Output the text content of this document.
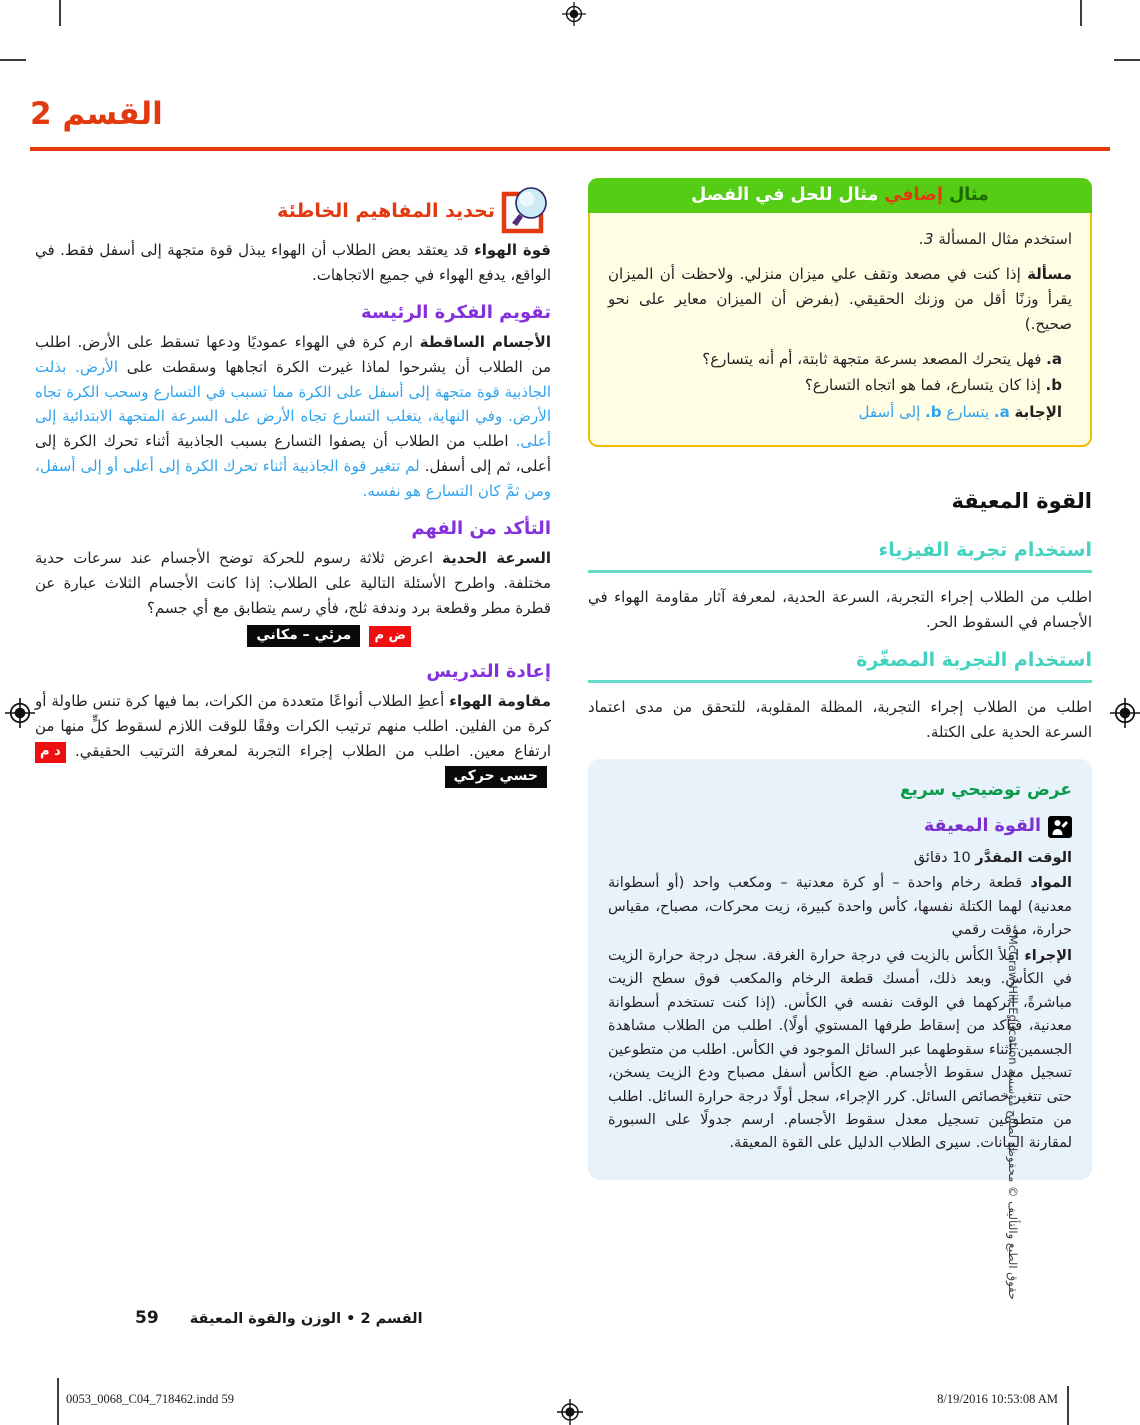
القسم 2
مثال إضافي مثال للحل في الفصل

استخدم مثال المسألة 3.

مسألة إذا كنت في مصعد وتقف علي ميزان منزلي. ولاحظت أن الميزان يقرأ وزنًا أقل من وزنك الحقيقي. (بفرض أن الميزان معاير على نحو صحيح.)

a. فهل يتحرك المصعد بسرعة متجهة ثابتة، أم أنه يتسارع؟

b. إذا كان يتسارع، فما هو اتجاه التسارع؟

الإجابة a. يتسارع b. إلى أسفل

القوة المعيقة
استخدام تجربة الفيزياء

اطلب من الطلاب إجراء التجربة، السرعة الحدية، لمعرفة آثار مقاومة الهواء في الأجسام في السقوط الحر.

استخدام التجربة المصغّرة

اطلب من الطلاب إجراء التجربة، المظلة المقلوبة، للتحقق من مدى اعتماد السرعة الحدية على الكتلة.

عرض توضيحي سريع

القوة المعيقة

الوقت المقدَّر 10 دقائق

المواد قطعة رخام واحدة – أو كرة معدنية – ومكعب واحد (أو أسطوانة معدنية) لهما الكتلة نفسها، كأس واحدة كبيرة، زيت محركات، مصباح، مقياس حرارة، مؤقت رقمي

الإجراء املأ الكأس بالزيت في درجة حرارة الغرفة. سجل درجة حرارة الزيت في الكأس. وبعد ذلك، أمسك قطعة الرخام والمكعب فوق سطح الزيت مباشرةً، اتركهما في الوقت نفسه في الكأس. (إذا كنت تستخدم أسطوانة معدنية، فتأكد من إسقاط طرفها المستوي أولًا). اطلب من الطلاب مشاهدة الجسمين أثناء سقوطهما عبر السائل الموجود في الكأس. اطلب من متطوعين تسجيل معدل سقوط الأجسام. ضع الكأس أسفل مصباح ودع الزيت يسخن، حتى تتغير خصائص السائل. كرر الإجراء، سجل أولًا درجة حرارة السائل. اطلب من متطوعين تسجيل معدل سقوط الأجسام. ارسم جدولًا على السبورة لمقارنة البيانات. سيرى الطلاب الدليل على القوة المعيقة.

تحديد المفاهيم الخاطئة

قوة الهواء قد يعتقد بعض الطلاب أن الهواء يبذل قوة متجهة إلى أسفل فقط. في الواقع، يدفع الهواء في جميع الاتجاهات.

تقويم الفكرة الرئيسة

الأجسام الساقطة ارم كرة في الهواء عموديًا ودعها تسقط على الأرض. اطلب من الطلاب أن يشرحوا لماذا غيرت الكرة اتجاهها وسقطت على الأرض. بذلت الجاذبية قوة متجهة إلى أسفل على الكرة مما تسبب في التسارع وسحب الكرة تجاه الأرض. وفي النهاية، يتغلب التسارع تجاه الأرض على السرعة المتجهة الابتدائية إلى أعلى. اطلب من الطلاب أن يصفوا التسارع بسبب الجاذبية أثناء تحرك الكرة إلى أعلى، ثم إلى أسفل. لم تتغير قوة الجاذبية أثناء تحرك الكرة إلى أعلى أو إلى أسفل، ومن ثمَّ كان التسارع هو نفسه.

التأكد من الفهم

السرعة الحدية اعرض ثلاثة رسوم للحركة توضح الأجسام عند سرعات حدية مختلفة. واطرح الأسئلة التالية على الطلاب: إذا كانت الأجسام الثلاث عبارة عن قطرة مطر وقطعة برد وندفة ثلج، فأي رسم يتطابق مع أي جسم؟

ض م مرئي – مكاني
إعادة التدريس

مقاومة الهواء أعطِ الطلاب أنواعًا متعددة من الكرات، بما فيها كرة تنس طاولة أو كرة من الفلين. اطلب منهم ترتيب الكرات وفقًا للوقت اللازم لسقوط كلٍّ منها من ارتفاع معين. اطلب من الطلاب إجراء التجربة لمعرفة الترتيب الحقيقي. د م حسي حركي

حقوق الطبع والتأليف © محفوظة لصالح مؤسسة McGraw-Hill Education
القسم 2 • الوزن والقوة المعيقة 59
0053_0068_C04_718462.indd 59	8/19/2016 10:53:08 AM
